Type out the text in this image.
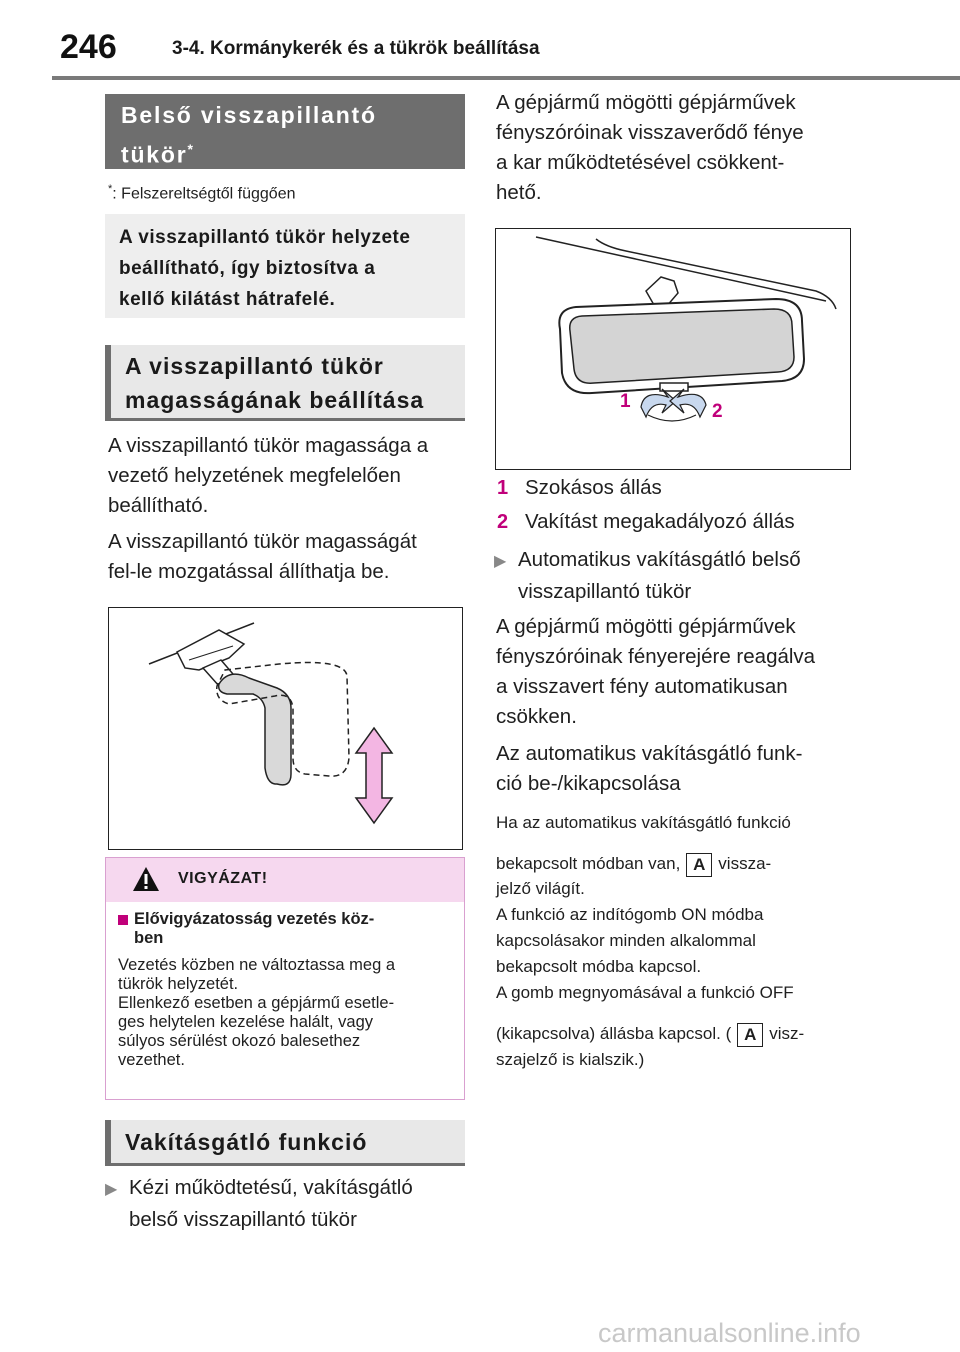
246	3-4. Kormánykerék és a tükrök beállítása
Belső visszapillantó
tükör*
*: Felszereltségtől függően
A visszapillantó tükör helyzete
beállítható, így biztosítva a
kellő kilátást hátrafelé.
A visszapillantó tükör
magasságának beállítása
A visszapillantó tükör magassága a
vezető helyzetének megfelelően
beállítható.
A visszapillantó tükör magasságát
fel-le mozgatással állíthatja be.
VIGYÁZAT!
Elővigyázatosság vezetés köz-
ben
Vezetés közben ne változtassa meg a
tükrök helyzetét.
Ellenkező esetben a gépjármű esetle-
ges helytelen kezelése halált, vagy
súlyos sérülést okozó balesethez
vezethet.
Vakításgátló funkció
▶ Kézi működtetésű, vakításgátló
belső visszapillantó tükör
A gépjármű mögötti gépjárművek
fényszóróinak visszaverődő fénye
a kar működtetésével csökkent-
hető.
1	2
1 Szokásos állás
2 Vakítást megakadályozó állás
▶ Automatikus vakításgátló belső
visszapillantó tükör
A gépjármű mögötti gépjárművek
fényszóróinak fényerejére reagálva
a visszavert fény automatikusan
csökken.
Az automatikus vakításgátló funk-
ció be-/kikapcsolása
Ha az automatikus vakításgátló funkció
bekapcsolt módban van, A vissza-
jelző világít.
A funkció az indítógomb ON módba
kapcsolásakor minden alkalommal
bekapcsolt módba kapcsol.
A gomb megnyomásával a funkció OFF
(kikapcsolva) állásba kapcsol. ( A visz-
szajelző is kialszik.)
carmanualsonline.info
